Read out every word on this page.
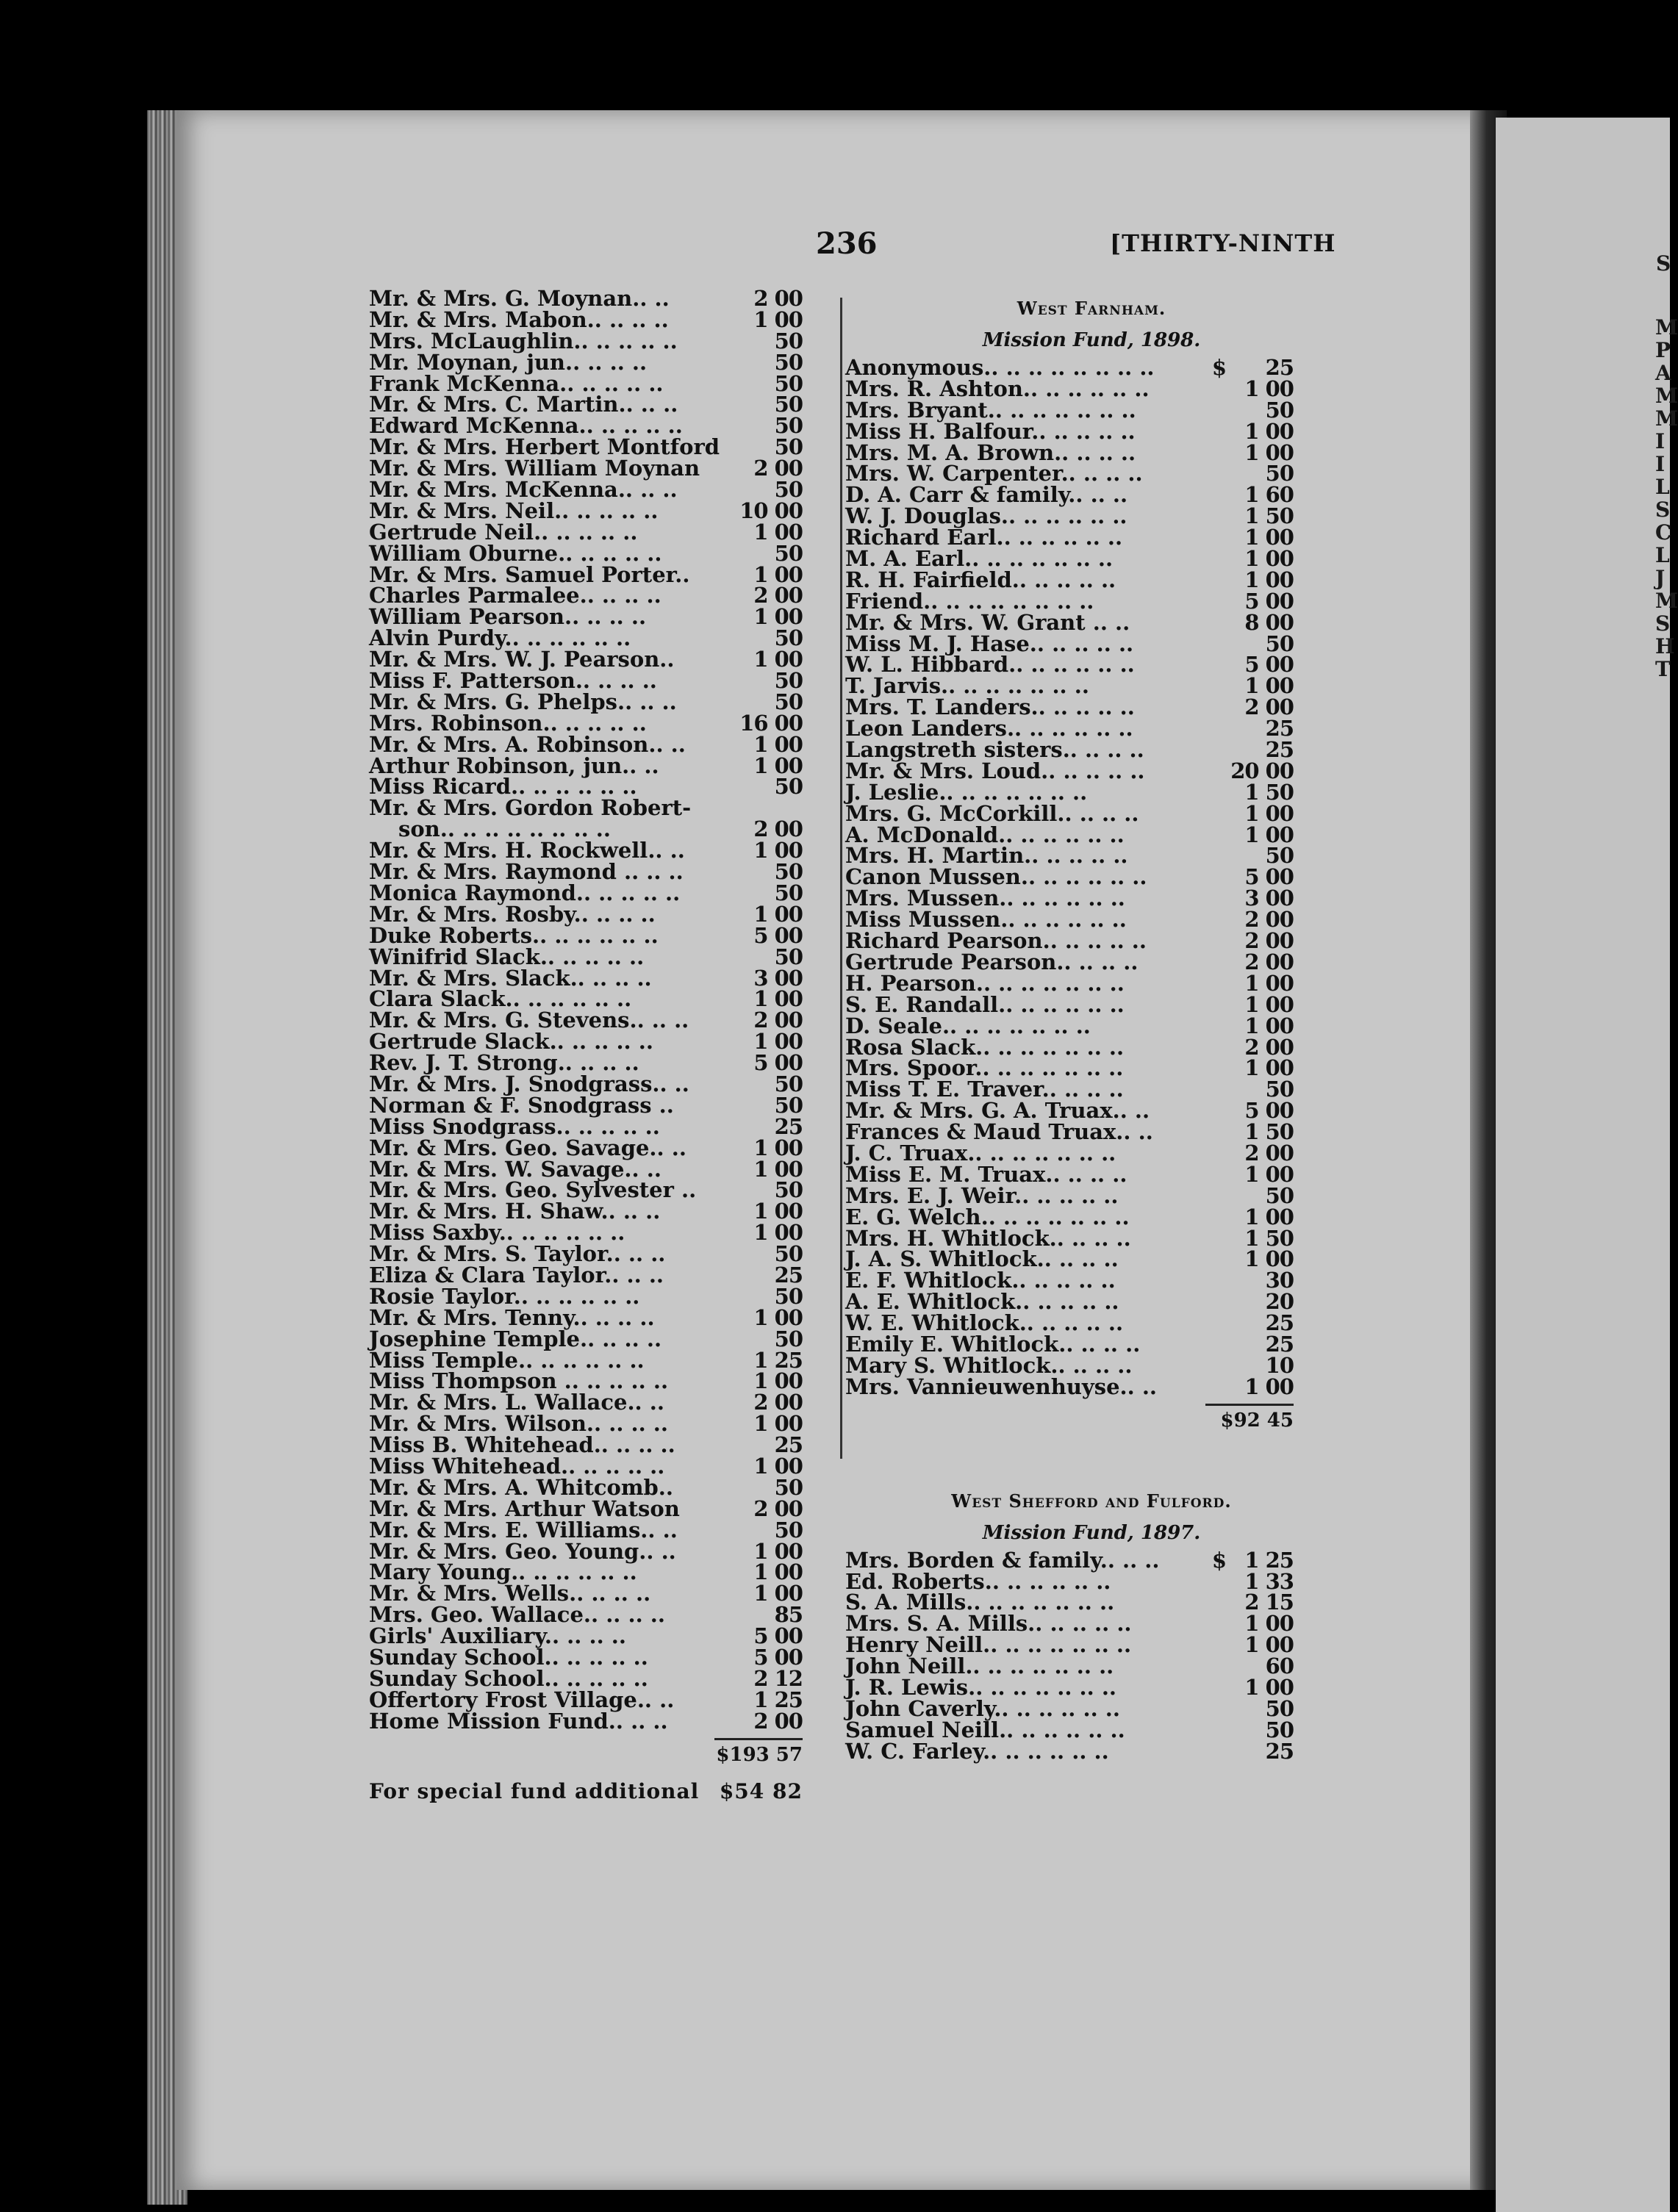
S
M
P
A
M
M
I
I
L
S
C
L
J
M
S
H
T
236	[THIRTY-NINTH
Mr. & Mrs. G. Moynan.. ..	2 00
Mr. & Mrs. Mabon.. .. .. ..	1 00
Mrs. McLaughlin.. .. .. .. ..	50
Mr. Moynan, jun.. .. .. ..	50
Frank McKenna.. .. .. .. ..	50
Mr. & Mrs. C. Martin.. .. ..	50
Edward McKenna.. .. .. .. ..	50
Mr. & Mrs. Herbert Montford	50
Mr. & Mrs. William Moynan	2 00
Mr. & Mrs. McKenna.. .. ..	50
Mr. & Mrs. Neil.. .. .. .. ..	10 00
Gertrude Neil.. .. .. .. ..	1 00
William Oburne.. .. .. .. ..	50
Mr. & Mrs. Samuel Porter..	1 00
Charles Parmalee.. .. .. ..	2 00
William Pearson.. .. .. ..	1 00
Alvin Purdy.. .. .. .. .. ..	50
Mr. & Mrs. W. J. Pearson..	1 00
Miss F. Patterson.. .. .. ..	50
Mr. & Mrs. G. Phelps.. .. ..	50
Mrs. Robinson.. .. .. .. ..	16 00
Mr. & Mrs. A. Robinson.. ..	1 00
Arthur Robinson, jun.. ..	1 00
Miss Ricard.. .. .. .. .. ..	50
Mr. & Mrs. Gordon Robert-
son.. .. .. .. .. .. .. ..	2 00
Mr. & Mrs. H. Rockwell.. ..	1 00
Mr. & Mrs. Raymond .. .. ..	50
Monica Raymond.. .. .. .. ..	50
Mr. & Mrs. Rosby.. .. .. ..	1 00
Duke Roberts.. .. .. .. .. ..	5 00
Winifrid Slack.. .. .. .. ..	50
Mr. & Mrs. Slack.. .. .. ..	3 00
Clara Slack.. .. .. .. .. ..	1 00
Mr. & Mrs. G. Stevens.. .. ..	2 00
Gertrude Slack.. .. .. .. ..	1 00
Rev. J. T. Strong.. .. .. ..	5 00
Mr. & Mrs. J. Snodgrass.. ..	50
Norman & F. Snodgrass ..	50
Miss Snodgrass.. .. .. .. ..	25
Mr. & Mrs. Geo. Savage.. ..	1 00
Mr. & Mrs. W. Savage.. ..	1 00
Mr. & Mrs. Geo. Sylvester ..	50
Mr. & Mrs. H. Shaw.. .. ..	1 00
Miss Saxby.. .. .. .. .. ..	1 00
Mr. & Mrs. S. Taylor.. .. ..	50
Eliza & Clara Taylor.. .. ..	25
Rosie Taylor.. .. .. .. .. ..	50
Mr. & Mrs. Tenny.. .. .. ..	1 00
Josephine Temple.. .. .. ..	50
Miss Temple.. .. .. .. .. ..	1 25
Miss Thompson .. .. .. .. ..	1 00
Mr. & Mrs. L. Wallace.. ..	2 00
Mr. & Mrs. Wilson.. .. .. ..	1 00
Miss B. Whitehead.. .. .. ..	25
Miss Whitehead.. .. .. .. ..	1 00
Mr. & Mrs. A. Whitcomb..	50
Mr. & Mrs. Arthur Watson	2 00
Mr. & Mrs. E. Williams.. ..	50
Mr. & Mrs. Geo. Young.. ..	1 00
Mary Young.. .. .. .. .. ..	1 00
Mr. & Mrs. Wells.. .. .. ..	1 00
Mrs. Geo. Wallace.. .. .. ..	85
Girls' Auxiliary.. .. .. ..	5 00
Sunday School.. .. .. .. ..	5 00
Sunday School.. .. .. .. ..	2 12
Offertory Frost Village.. ..	1 25
Home Mission Fund.. .. ..	2 00
$193 57
For special fund additional $54 82
West Farnham.
Mission Fund, 1898.
Anonymous.. .. .. .. .. .. .. ..	$	25
Mrs. R. Ashton.. .. .. .. .. ..	1 00
Mrs. Bryant.. .. .. .. .. .. ..	50
Miss H. Balfour.. .. .. .. ..	1 00
Mrs. M. A. Brown.. .. .. ..	1 00
Mrs. W. Carpenter.. .. .. ..	50
D. A. Carr & family.. .. ..	1 60
W. J. Douglas.. .. .. .. .. ..	1 50
Richard Earl.. .. .. .. .. ..	1 00
M. A. Earl.. .. .. .. .. .. ..	1 00
R. H. Fairfield.. .. .. .. ..	1 00
Friend.. .. .. .. .. .. .. ..	5 00
Mr. & Mrs. W. Grant .. ..	8 00
Miss M. J. Hase.. .. .. .. ..	50
W. L. Hibbard.. .. .. .. .. ..	5 00
T. Jarvis.. .. .. .. .. .. ..	1 00
Mrs. T. Landers.. .. .. .. ..	2 00
Leon Landers.. .. .. .. .. ..	25
Langstreth sisters.. .. .. ..	25
Mr. & Mrs. Loud.. .. .. .. ..	20 00
J. Leslie.. .. .. .. .. .. ..	1 50
Mrs. G. McCorkill.. .. .. ..	1 00
A. McDonald.. .. .. .. .. ..	1 00
Mrs. H. Martin.. .. .. .. ..	50
Canon Mussen.. .. .. .. .. ..	5 00
Mrs. Mussen.. .. .. .. .. ..	3 00
Miss Mussen.. .. .. .. .. ..	2 00
Richard Pearson.. .. .. .. ..	2 00
Gertrude Pearson.. .. .. ..	2 00
H. Pearson.. .. .. .. .. .. ..	1 00
S. E. Randall.. .. .. .. .. ..	1 00
D. Seale.. .. .. .. .. .. ..	1 00
Rosa Slack.. .. .. .. .. .. ..	2 00
Mrs. Spoor.. .. .. .. .. .. ..	1 00
Miss T. E. Traver.. .. .. ..	50
Mr. & Mrs. G. A. Truax.. ..	5 00
Frances & Maud Truax.. ..	1 50
J. C. Truax.. .. .. .. .. .. ..	2 00
Miss E. M. Truax.. .. .. ..	1 00
Mrs. E. J. Weir.. .. .. .. ..	50
E. G. Welch.. .. .. .. .. .. ..	1 00
Mrs. H. Whitlock.. .. .. ..	1 50
J. A. S. Whitlock.. .. .. ..	1 00
E. F. Whitlock.. .. .. .. ..	30
A. E. Whitlock.. .. .. .. ..	20
W. E. Whitlock.. .. .. .. ..	25
Emily E. Whitlock.. .. .. ..	25
Mary S. Whitlock.. .. .. ..	10
Mrs. Vannieuwenhuyse.. ..	1 00
$92 45
West Shefford and Fulford.
Mission Fund, 1897.
Mrs. Borden & family.. .. ..	$ 1 25
Ed. Roberts.. .. .. .. .. ..	1 33
S. A. Mills.. .. .. .. .. .. ..	2 15
Mrs. S. A. Mills.. .. .. .. ..	1 00
Henry Neill.. .. .. .. .. .. ..	1 00
John Neill.. .. .. .. .. .. ..	60
J. R. Lewis.. .. .. .. .. .. ..	1 00
John Caverly.. .. .. .. .. ..	50
Samuel Neill.. .. .. .. .. ..	50
W. C. Farley.. .. .. .. .. ..	25
